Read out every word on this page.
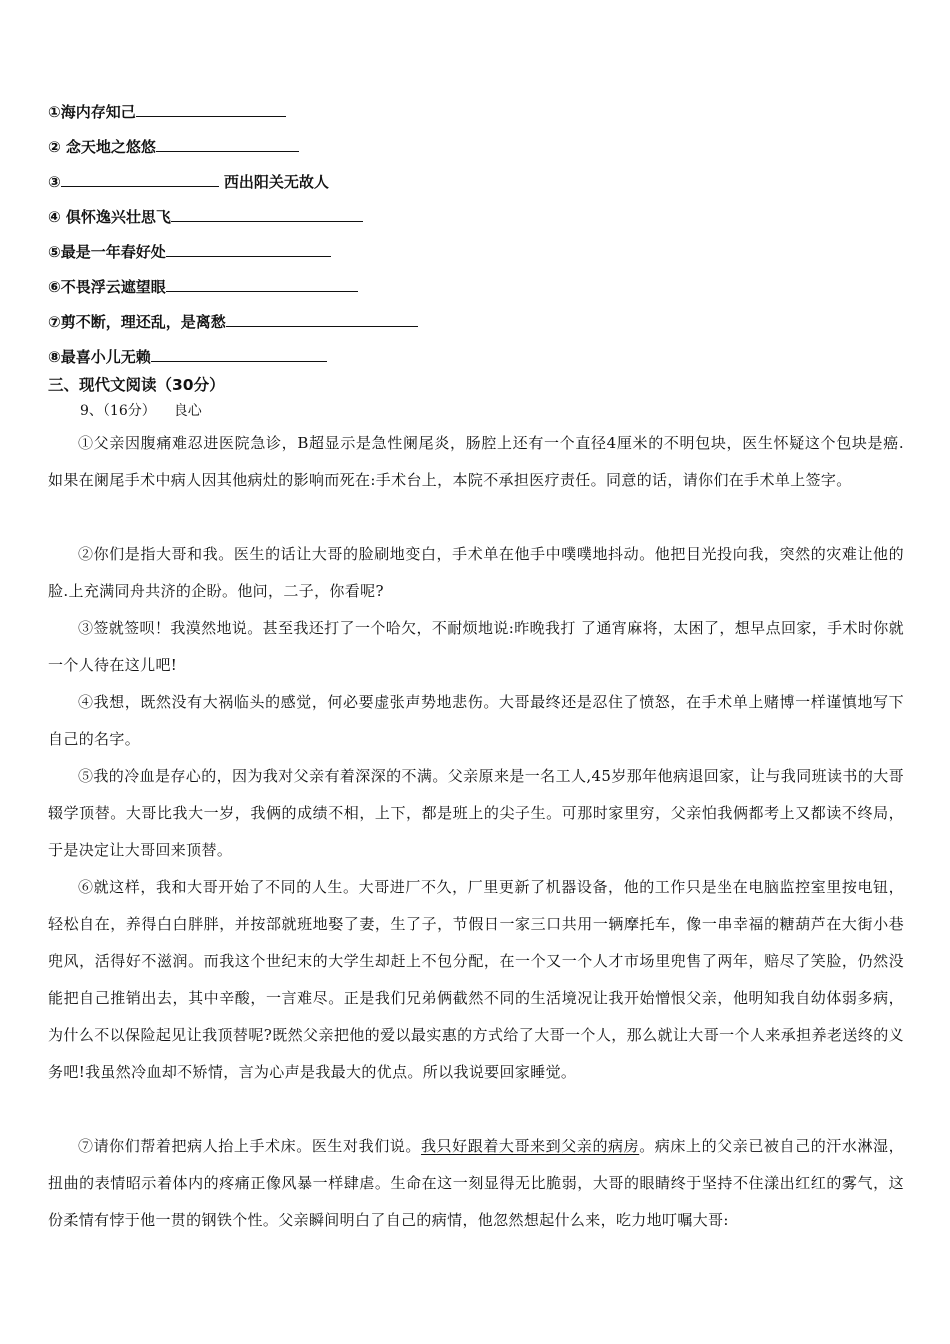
①海内存知己
② 念天地之悠悠
③	西出阳关无故人
④ 俱怀逸兴壮思飞
⑤最是一年春好处
⑥不畏浮云遮望眼
⑦剪不断，理还乱，是离愁
⑧最喜小儿无赖
三、现代文阅读（30分）
9、（16分） 良心

①父亲因腹痛难忍进医院急诊，B超显示是急性阑尾炎，肠腔上还有一个直径4厘米的不明包块，医生怀疑这个包块是癌. 如果在阑尾手术中病人因其他病灶的影响而死在:手术台上，本院不承担医疗责任。同意的话，请你们在手术单上签字。

②你们是指大哥和我。医生的话让大哥的脸刷地变白，手术单在他手中噗噗地抖动。他把目光投向我，突然的灾难让他的脸.上充满同舟共济的企盼。他问，二子，你看呢?

③签就签呗！我漠然地说。甚至我还打了一个哈欠，不耐烦地说:昨晚我打 了通宵麻将，太困了，想早点回家，手术时你就一个人待在这儿吧!

④我想，既然没有大祸临头的感觉，何必要虚张声势地悲伤。大哥最终还是忍住了愤怒，在手术单上赌博一样谨慎地写下自己的名字。

⑤我的冷血是存心的，因为我对父亲有着深深的不满。父亲原来是一名工人,45岁那年他病退回家，让与我同班读书的大哥辍学顶替。大哥比我大一岁，我俩的成绩不相，上下，都是班上的尖子生。可那时家里穷，父亲怕我俩都考上又都读不终局，于是决定让大哥回来顶替。

⑥就这样，我和大哥开始了不同的人生。大哥进厂不久，厂里更新了机器设备，他的工作只是坐在电脑监控室里按电钮，轻松自在，养得白白胖胖，并按部就班地娶了妻，生了子，节假日一家三口共用一辆摩托车，像一串幸福的糖葫芦在大街小巷兜风，活得好不滋润。而我这个世纪末的大学生却赶上不包分配，在一个又一个人才市场里兜售了两年，赔尽了笑脸，仍然没能把自己推销出去，其中辛酸，一言难尽。正是我们兄弟俩截然不同的生活境况让我开始憎恨父亲，他明知我自幼体弱多病，为什么不以保险起见让我顶替呢?既然父亲把他的爱以最实惠的方式给了大哥一个人，那么就让大哥一个人来承担养老送终的义务吧!我虽然冷血却不矫情，言为心声是我最大的优点。所以我说要回家睡觉。

⑦请你们帮着把病人抬上手术床。医生对我们说。我只好跟着大哥来到父亲的病房。病床上的父亲已被自己的汗水淋湿，扭曲的表情昭示着体内的疼痛正像风暴一样肆虐。生命在这一刻显得无比脆弱，大哥的眼睛终于坚持不住漾出红红的雾气，这份柔情有悖于他一贯的钢铁个性。父亲瞬间明白了自己的病情，他忽然想起什么来，吃力地叮嘱大哥:
